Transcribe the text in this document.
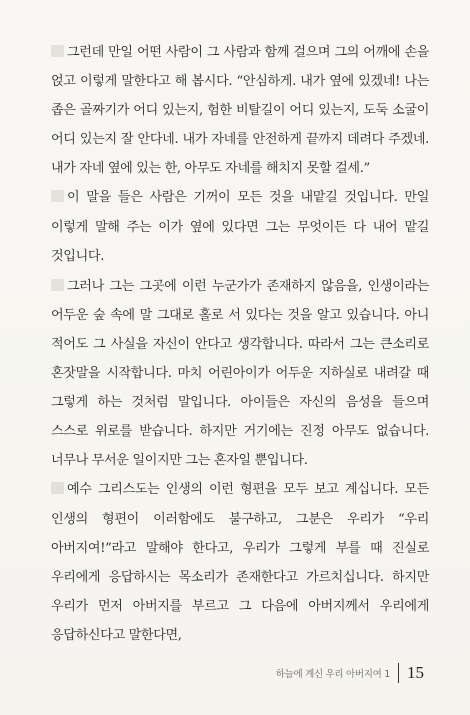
그런데 만일 어떤 사람이 그 사람과 함께 걸으며 그의 어깨에 손을 얹고 이렇게 말한다고 해 봅시다. “안심하게. 내가 옆에 있겠네! 나는 좁은 골짜기가 어디 있는지, 험한 비탈길이 어디 있는지, 도둑 소굴이 어디 있는지 잘 안다네. 내가 자네를 안전하게 끝까지 데려다 주겠네. 내가 자네 옆에 있는 한, 아무도 자네를 해치지 못할 걸세.”

이 말을 들은 사람은 기꺼이 모든 것을 내맡길 것입니다. 만일 이렇게 말해 주는 이가 옆에 있다면 그는 무엇이든 다 내어 맡길 것입니다.

그러나 그는 그곳에 이런 누군가가 존재하지 않음을, 인생이라는 어두운 숲 속에 말 그대로 홀로 서 있다는 것을 알고 있습니다. 아니 적어도 그 사실을 자신이 안다고 생각합니다. 따라서 그는 큰소리로 혼잣말을 시작합니다. 마치 어린아이가 어두운 지하실로 내려갈 때 그렇게 하는 것처럼 말입니다. 아이들은 자신의 음성을 들으며 스스로 위로를 받습니다. 하지만 거기에는 진정 아무도 없습니다. 너무나 무서운 일이지만 그는 혼자일 뿐입니다.

예수 그리스도는 인생의 이런 형편을 모두 보고 계십니다. 모든 인생의 형편이 이러함에도 불구하고, 그분은 우리가 “우리 아버지여!”라고 말해야 한다고, 우리가 그렇게 부를 때 진실로 우리에게 응답하시는 목소리가 존재한다고 가르치십니다. 하지만 우리가 먼저 아버지를 부르고 그 다음에 아버지께서 우리에게 응답하신다고 말한다면,

하늘에 계신 우리 아버지여 1 15
